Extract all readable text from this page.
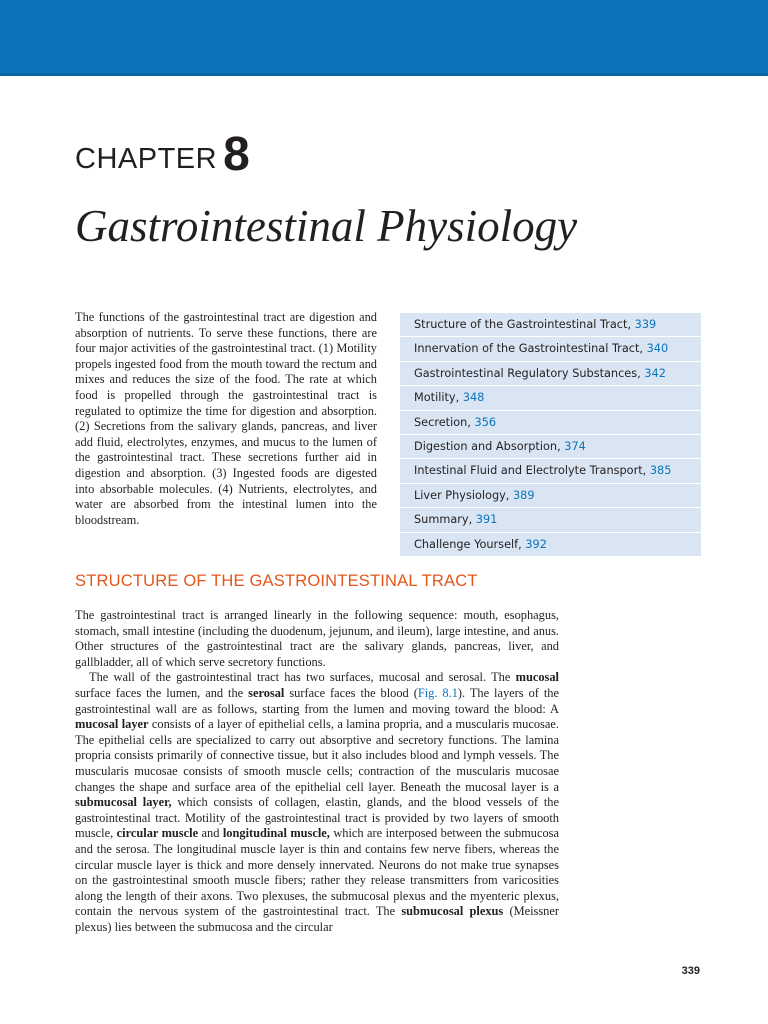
CHAPTER 8
Gastrointestinal Physiology

The functions of the gastrointestinal tract are digestion and absorption of nutrients. To serve these functions, there are four major activities of the gastrointestinal tract. (1) Motility propels ingested food from the mouth toward the rectum and mixes and reduces the size of the food. The rate at which food is propelled through the gastrointestinal tract is regulated to optimize the time for digestion and absorption. (2) Secretions from the salivary glands, pancreas, and liver add fluid, electrolytes, enzymes, and mucus to the lumen of the gastrointestinal tract. These secretions further aid in digestion and absorption. (3) Ingested foods are digested into absorbable molecules. (4) Nutrients, electrolytes, and water are absorbed from the intestinal lumen into the bloodstream.

Structure of the Gastrointestinal Tract, 339
Innervation of the Gastrointestinal Tract, 340
Gastrointestinal Regulatory Substances, 342
Motility, 348
Secretion, 356
Digestion and Absorption, 374
Intestinal Fluid and Electrolyte Transport, 385
Liver Physiology, 389
Summary, 391
Challenge Yourself, 392
STRUCTURE OF THE GASTROINTESTINAL TRACT

The gastrointestinal tract is arranged linearly in the following sequence: mouth, esophagus, stomach, small intestine (including the duodenum, jejunum, and ileum), large intestine, and anus. Other structures of the gastrointestinal tract are the salivary glands, pancreas, liver, and gallbladder, all of which serve secretory functions.

The wall of the gastrointestinal tract has two surfaces, mucosal and serosal. The mucosal surface faces the lumen, and the serosal surface faces the blood (Fig. 8.1). The layers of the gastrointestinal wall are as follows, starting from the lumen and moving toward the blood: A mucosal layer consists of a layer of epithelial cells, a lamina propria, and a muscularis mucosae. The epithelial cells are specialized to carry out absorptive and secretory functions. The lamina propria consists primarily of connective tissue, but it also includes blood and lymph vessels. The muscularis mucosae consists of smooth muscle cells; contraction of the muscularis mucosae changes the shape and surface area of the epithelial cell layer. Beneath the mucosal layer is a submucosal layer, which consists of collagen, elastin, glands, and the blood vessels of the gastrointestinal tract. Motility of the gastrointestinal tract is provided by two layers of smooth muscle, circular muscle and longitudinal muscle, which are interposed between the submucosa and the serosa. The longitudinal muscle layer is thin and contains few nerve fibers, whereas the circular muscle layer is thick and more densely innervated. Neurons do not make true synapses on the gastrointestinal smooth muscle fibers; rather they release transmitters from varicosities along the length of their axons. Two plexuses, the submucosal plexus and the myenteric plexus, contain the nervous system of the gastrointestinal tract. The submucosal plexus (Meissner plexus) lies between the submucosa and the circular

339
